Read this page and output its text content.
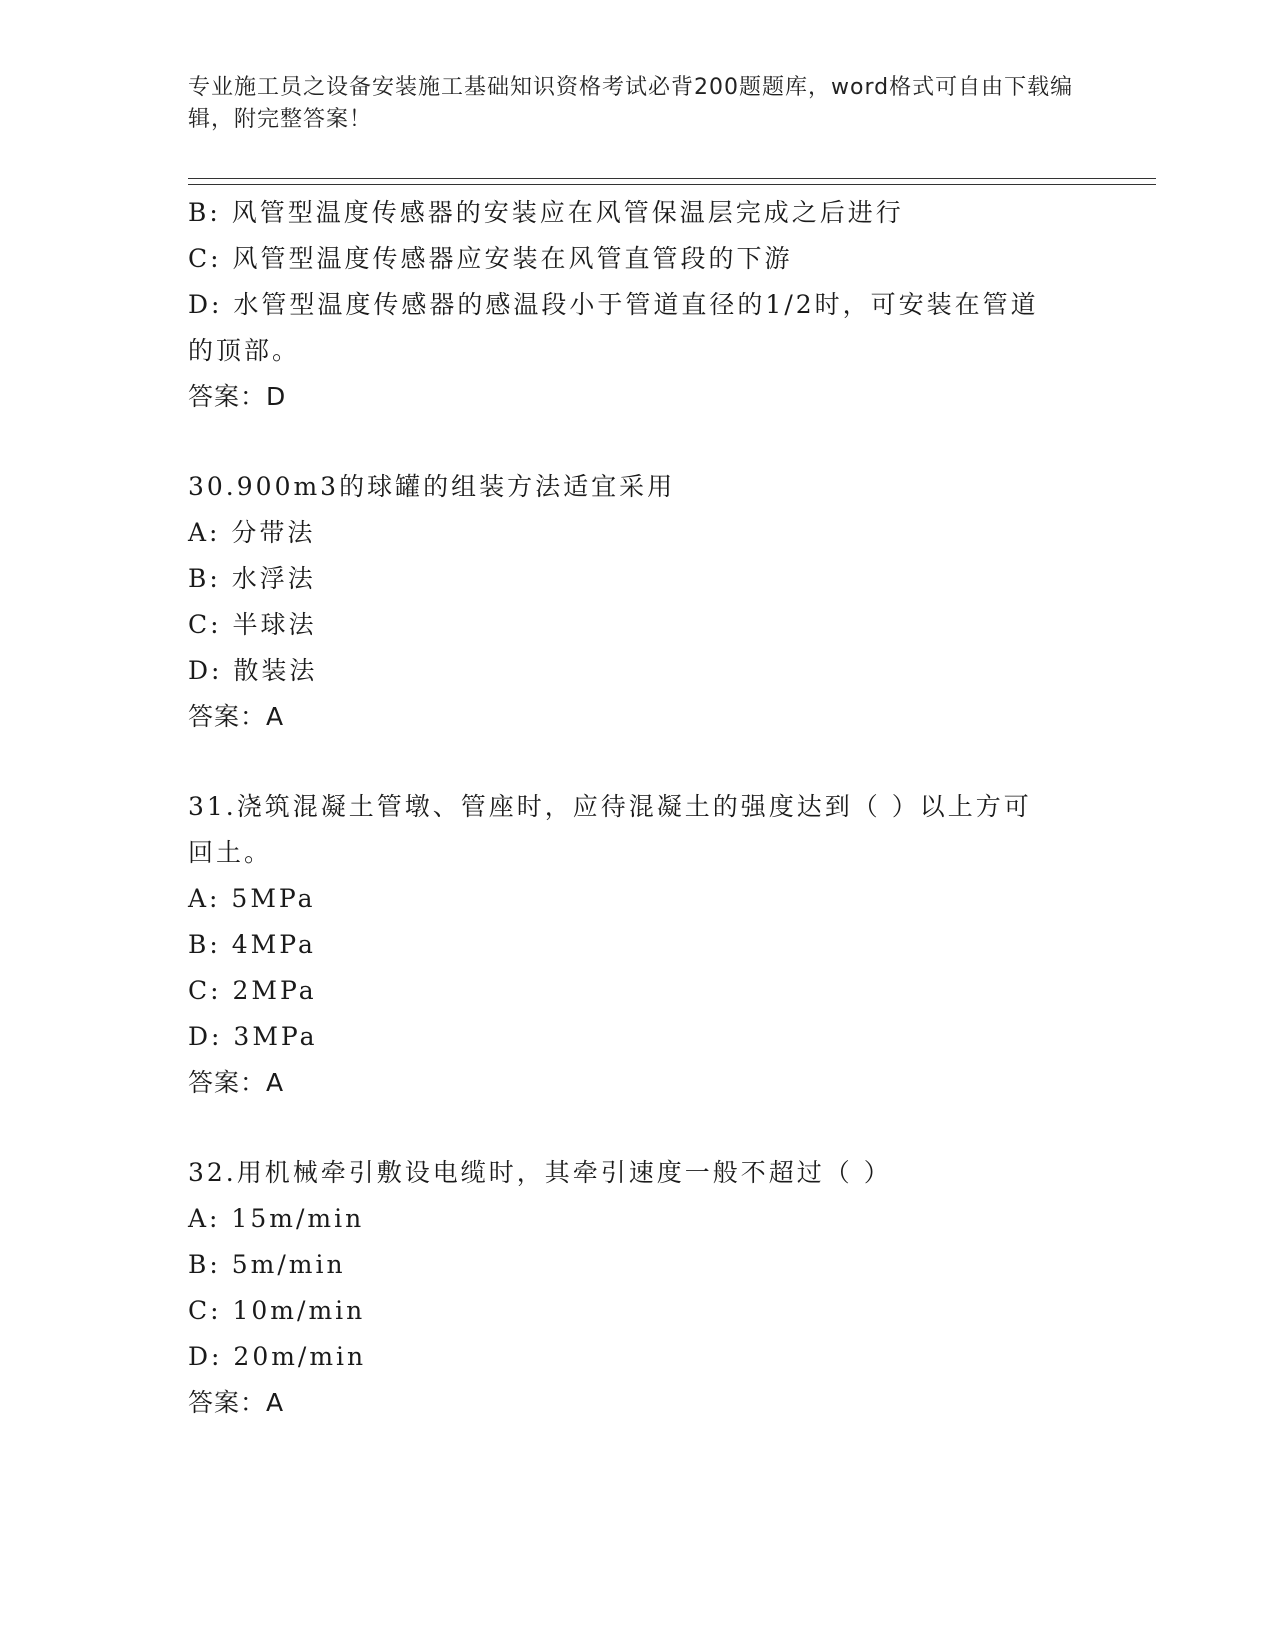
专业施工员之设备安装施工基础知识资格考试必背200题题库，word格式可自由下载编辑，附完整答案！
B: 风管型温度传感器的安装应在风管保温层完成之后进行
C: 风管型温度传感器应安装在风管直管段的下游
D: 水管型温度传感器的感温段小于管道直径的1/2时，可安装在管道
的顶部。
答案：D
30.900m3的球罐的组装方法适宜采用
A: 分带法
B: 水浮法
C: 半球法
D: 散装法
答案：A
31.浇筑混凝土管墩、管座时，应待混凝土的强度达到（ ）以上方可
回土。
A: 5MPa
B: 4MPa
C: 2MPa
D: 3MPa
答案：A
32.用机械牵引敷设电缆时，其牵引速度一般不超过（ ）
A: 15m/min
B: 5m/min
C: 10m/min
D: 20m/min
答案：A
